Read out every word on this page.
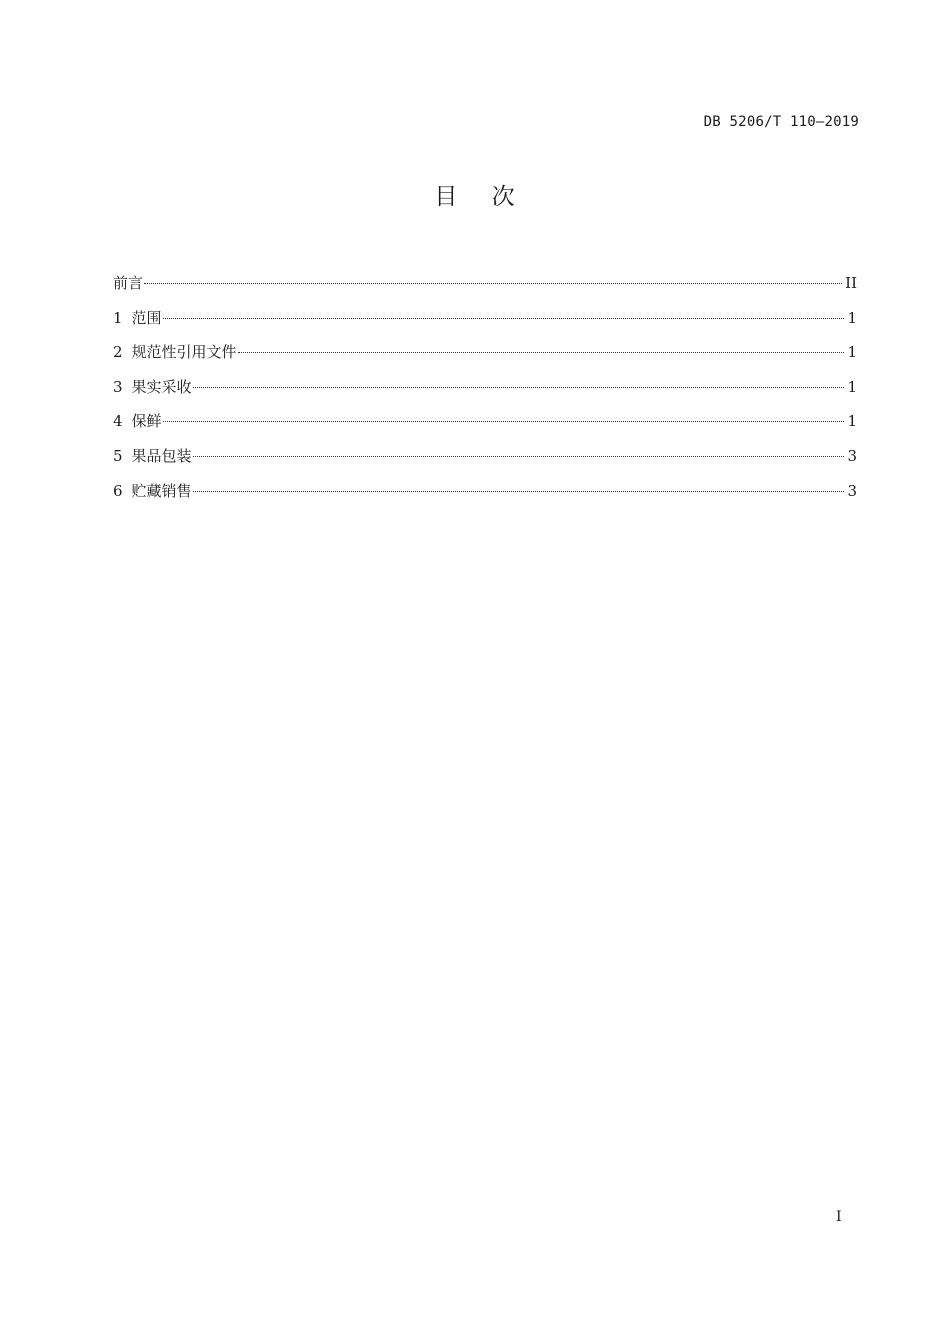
DB 5206/T 110—2019
目    次
前言	II
1 范围	1
2 规范性引用文件	1
3 果实采收	1
4 保鲜	1
5 果品包装	3
6 贮藏销售	3
I
